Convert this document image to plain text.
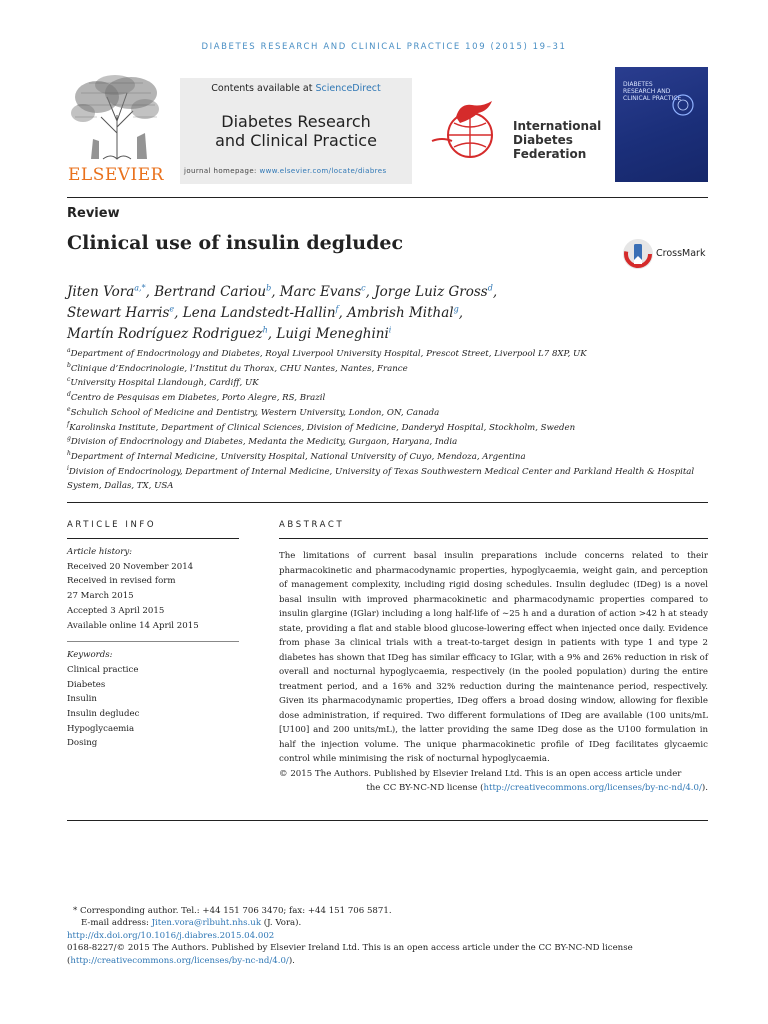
DIABETES RESEARCH AND CLINICAL PRACTICE 109 (2015) 19–31
ELSEVIER
Contents available at ScienceDirect
Diabetes Research
and Clinical Practice
journal homepage: www.elsevier.com/locate/diabres
International
Diabetes
Federation
DIABETES
RESEARCH AND
CLINICAL PRACTICE
Review
Clinical use of insulin degludec	CrossMark
Jiten Vora$^{a,*}$, Bertrand Cariou$^b$, Marc Evans$^c$, Jorge Luiz Gross$^d$,
Stewart Harris$^e$, Lena Landstedt-Hallin$^f$, Ambrish Mithal$^g$,
Martín Rodríguez Rodriguez$^h$, Luigi Meneghini$^i$
$^a$Department of Endocrinology and Diabetes, Royal Liverpool University Hospital, Prescot Street, Liverpool L7 8XP, UK
$^b$Clinique d’Endocrinologie, l’Institut du Thorax, CHU Nantes, Nantes, France
$^c$University Hospital Llandough, Cardiff, UK
$^d$Centro de Pesquisas em Diabetes, Porto Alegre, RS, Brazil
$^e$Schulich School of Medicine and Dentistry, Western University, London, ON, Canada
$^f$Karolinska Institute, Department of Clinical Sciences, Division of Medicine, Danderyd Hospital, Stockholm, Sweden
$^g$Division of Endocrinology and Diabetes, Medanta the Medicity, Gurgaon, Haryana, India
$^h$Department of Internal Medicine, University Hospital, National University of Cuyo, Mendoza, Argentina
$^i$Division of Endocrinology, Department of Internal Medicine, University of Texas Southwestern Medical Center and Parkland Health & Hospital System, Dallas, TX, USA
ARTICLE INFO
Article history:
Received 20 November 2014
Received in revised form
27 March 2015
Accepted 3 April 2015
Available online 14 April 2015
Keywords:
Clinical practice
Diabetes
Insulin
Insulin degludec
Hypoglycaemia
Dosing
ABSTRACT
The limitations of current basal insulin preparations include concerns related to their pharmacokinetic and pharmacodynamic properties, hypoglycaemia, weight gain, and perception of management complexity, including rigid dosing schedules. Insulin degludec (IDeg) is a novel basal insulin with improved pharmacokinetic and pharmacodynamic properties compared to insulin glargine (IGlar) including a long half-life of ∼25 h and a duration of action >42 h at steady state, providing a flat and stable blood glucose-lowering effect when injected once daily. Evidence from phase 3a clinical trials with a treat-to-target design in patients with type 1 and type 2 diabetes has shown that IDeg has similar efficacy to IGlar, with a 9% and 26% reduction in risk of overall and nocturnal hypoglycaemia, respectively (in the pooled population) during the entire treatment period, and a 16% and 32% reduction during the maintenance period, respectively. Given its pharmacodynamic properties, IDeg offers a broad dosing window, allowing for flexible dose administration, if required. Two different formulations of IDeg are available (100 units/mL [U100] and 200 units/mL), the latter providing the same IDeg dose as the U100 formulation in half the injection volume. The unique pharmacokinetic profile of IDeg facilitates glycaemic control while minimising the risk of nocturnal hypoglycaemia.
© 2015 The Authors. Published by Elsevier Ireland Ltd. This is an open access article under
the CC BY-NC-ND license (http://creativecommons.org/licenses/by-nc-nd/4.0/).
* Corresponding author. Tel.: +44 151 706 3470; fax: +44 151 706 5871.
E-mail address: Jiten.vora@rlbuht.nhs.uk (J. Vora).
http://dx.doi.org/10.1016/j.diabres.2015.04.002
0168-8227/© 2015 The Authors. Published by Elsevier Ireland Ltd. This is an open access article under the CC BY-NC-ND license (http://creativecommons.org/licenses/by-nc-nd/4.0/).
